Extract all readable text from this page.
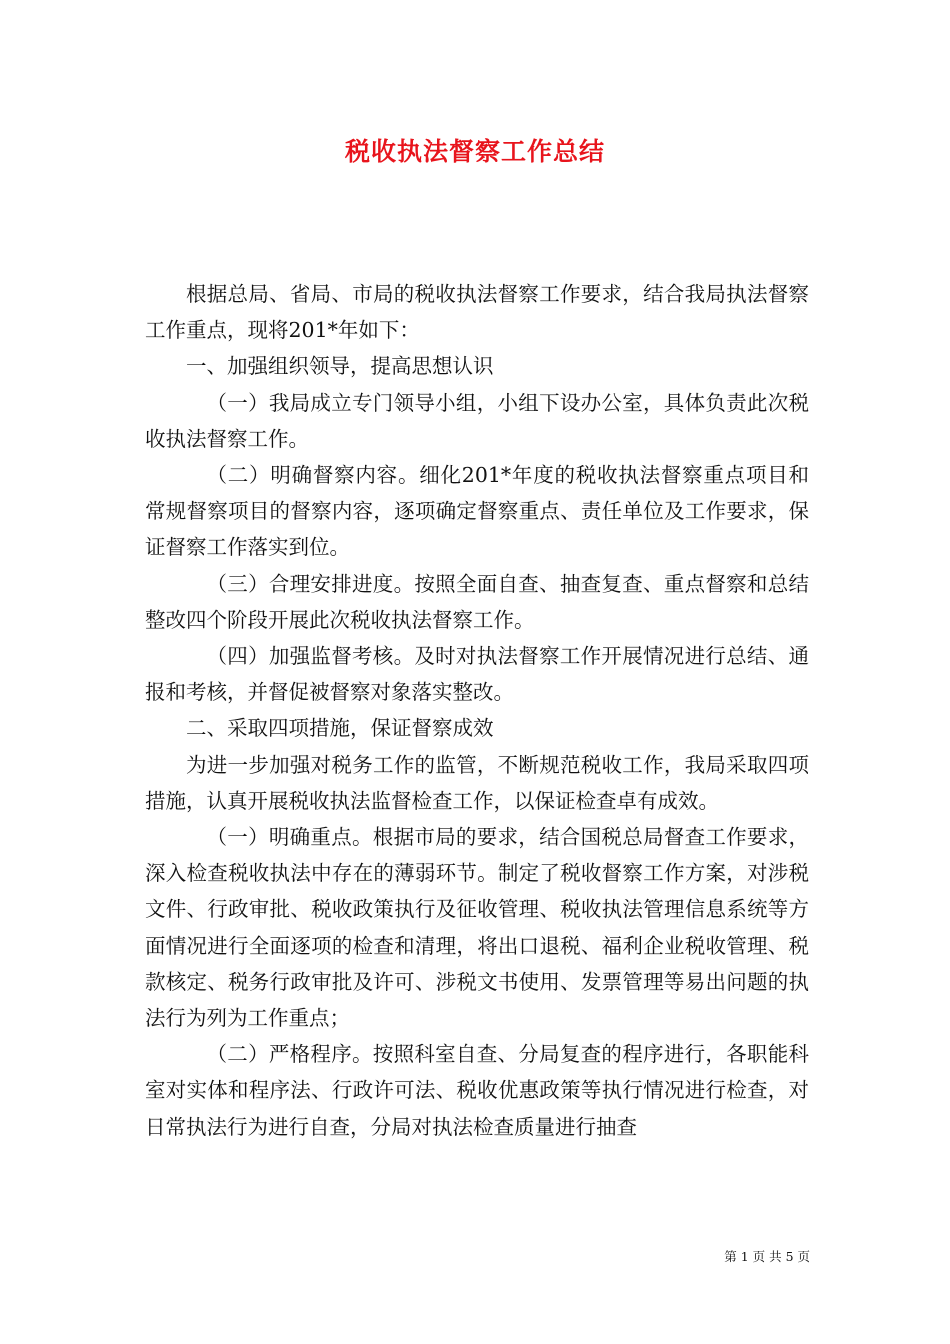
税收执法督察工作总结

根据总局、省局、市局的税收执法督察工作要求，结合我局执法督察工作重点，现将201*年如下：

一、加强组织领导，提高思想认识

（一）我局成立专门领导小组，小组下设办公室，具体负责此次税收执法督察工作。

（二）明确督察内容。细化201*年度的税收执法督察重点项目和常规督察项目的督察内容，逐项确定督察重点、责任单位及工作要求，保证督察工作落实到位。

（三）合理安排进度。按照全面自查、抽查复查、重点督察和总结整改四个阶段开展此次税收执法督察工作。

（四）加强监督考核。及时对执法督察工作开展情况进行总结、通报和考核，并督促被督察对象落实整改。

二、采取四项措施，保证督察成效

为进一步加强对税务工作的监管，不断规范税收工作，我局采取四项措施，认真开展税收执法监督检查工作，以保证检查卓有成效。

（一）明确重点。根据市局的要求，结合国税总局督查工作要求，深入检查税收执法中存在的薄弱环节。制定了税收督察工作方案，对涉税文件、行政审批、税收政策执行及征收管理、税收执法管理信息系统等方面情况进行全面逐项的检查和清理，将出口退税、福利企业税收管理、税款核定、税务行政审批及许可、涉税文书使用、发票管理等易出问题的执法行为列为工作重点；

（二）严格程序。按照科室自查、分局复查的程序进行，各职能科室对实体和程序法、行政许可法、税收优惠政策等执行情况进行检查，对日常执法行为进行自查，分局对执法检查质量进行抽查

第 1 页 共 5 页
